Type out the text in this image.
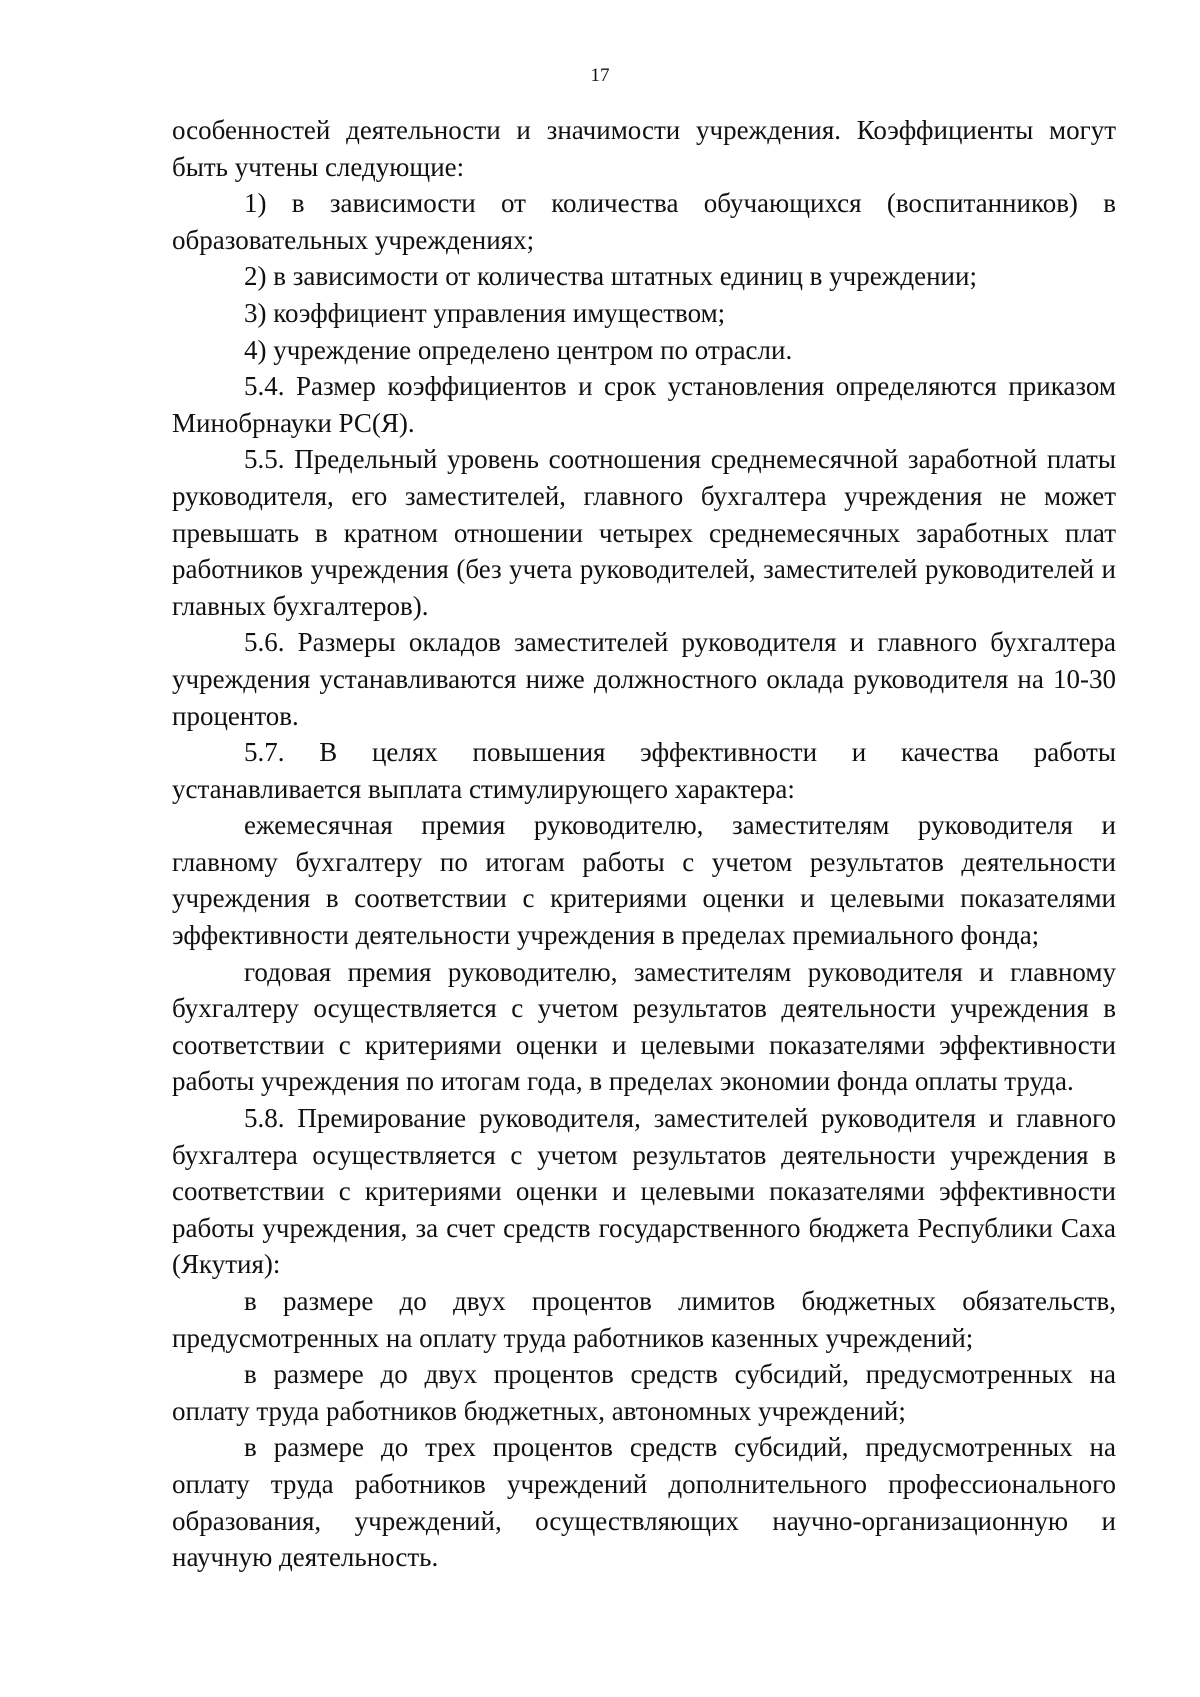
17

особенностей деятельности и значимости учреждения. Коэффициенты могут быть учтены следующие:

1) в зависимости от количества обучающихся (воспитанников) в образовательных учреждениях;

2) в зависимости от количества штатных единиц в учреждении;

3) коэффициент управления имуществом;

4) учреждение определено центром по отрасли.

5.4. Размер коэффициентов и срок установления определяются приказом Минобрнауки РС(Я).

5.5. Предельный уровень соотношения среднемесячной заработной платы руководителя, его заместителей, главного бухгалтера учреждения не может превышать в кратном отношении четырех среднемесячных заработных плат работников учреждения (без учета руководителей, заместителей руководителей и главных бухгалтеров).

5.6. Размеры окладов заместителей руководителя и главного бухгалтера учреждения устанавливаются ниже должностного оклада руководителя на 10-30 процентов.

5.7. В целях повышения эффективности и качества работы устанавливается выплата стимулирующего характера:

ежемесячная премия руководителю, заместителям руководителя и главному бухгалтеру по итогам работы с учетом результатов деятельности учреждения в соответствии с критериями оценки и целевыми показателями эффективности деятельности учреждения в пределах премиального фонда;

годовая премия руководителю, заместителям руководителя и главному бухгалтеру осуществляется с учетом результатов деятельности учреждения в соответствии с критериями оценки и целевыми показателями эффективности работы учреждения по итогам года, в пределах экономии фонда оплаты труда.

5.8. Премирование руководителя, заместителей руководителя и главного бухгалтера осуществляется с учетом результатов деятельности учреждения в соответствии с критериями оценки и целевыми показателями эффективности работы учреждения, за счет средств государственного бюджета Республики Саха (Якутия):

в размере до двух процентов лимитов бюджетных обязательств, предусмотренных на оплату труда работников казенных учреждений;

в размере до двух процентов средств субсидий, предусмотренных на оплату труда работников бюджетных, автономных учреждений;

в размере до трех процентов средств субсидий, предусмотренных на оплату труда работников учреждений дополнительного профессионального образования, учреждений, осуществляющих научно-организационную и научную деятельность.
